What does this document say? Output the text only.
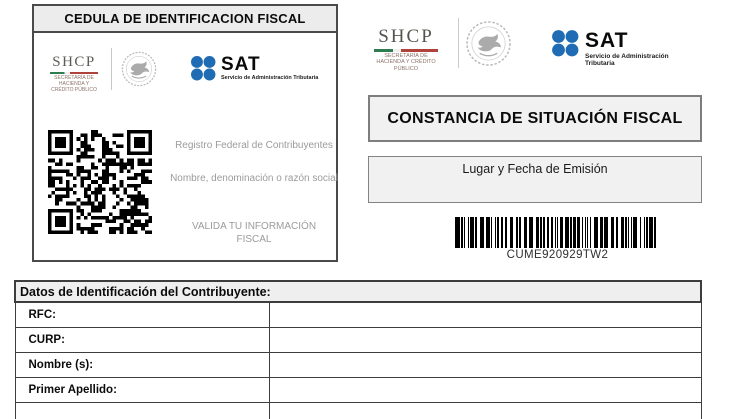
CEDULA DE IDENTIFICACION FISCAL
SHCP
SECRETARÍA DE HACIENDA Y CRÉDITO PÚBLICO
SAT
Servicio de Administración Tributaria
Registro Federal de Contribuyentes
Nombre, denominación o razón social
VALIDA TU INFORMACIÓN FISCAL
SHCP
SECRETARÍA DE HACIENDA Y CRÉDITO PÚBLICO
SAT
Servicio de Administración Tributaria
CONSTANCIA DE SITUACIÓN FISCAL
Lugar y Fecha de Emisión
CUME920929TW2
Datos de Identificación del Contribuyente:	
RFC:	
CURP:	
Nombre (s):	
Primer Apellido:	
